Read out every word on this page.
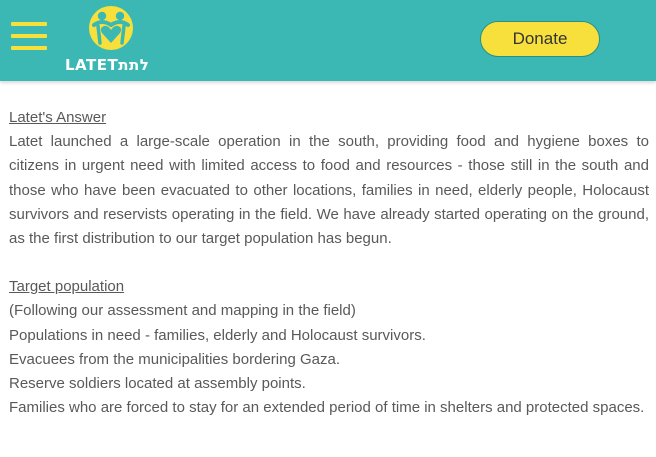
LATETלתת
Donate
Latet's Answer

Latet launched a large-scale operation in the south, providing food and hygiene boxes to citizens in urgent need with limited access to food and resources - those still in the south and those who have been evacuated to other locations, families in need, elderly people, Holocaust survivors and reservists operating in the field. We have already started operating on the ground, as the first distribution to our target population has begun.

Target population
(Following our assessment and mapping in the field)
Populations in need - families, elderly and Holocaust survivors.
Evacuees from the municipalities bordering Gaza.
Reserve soldiers located at assembly points.
Families who are forced to stay for an extended period of time in shelters and protected spaces.
